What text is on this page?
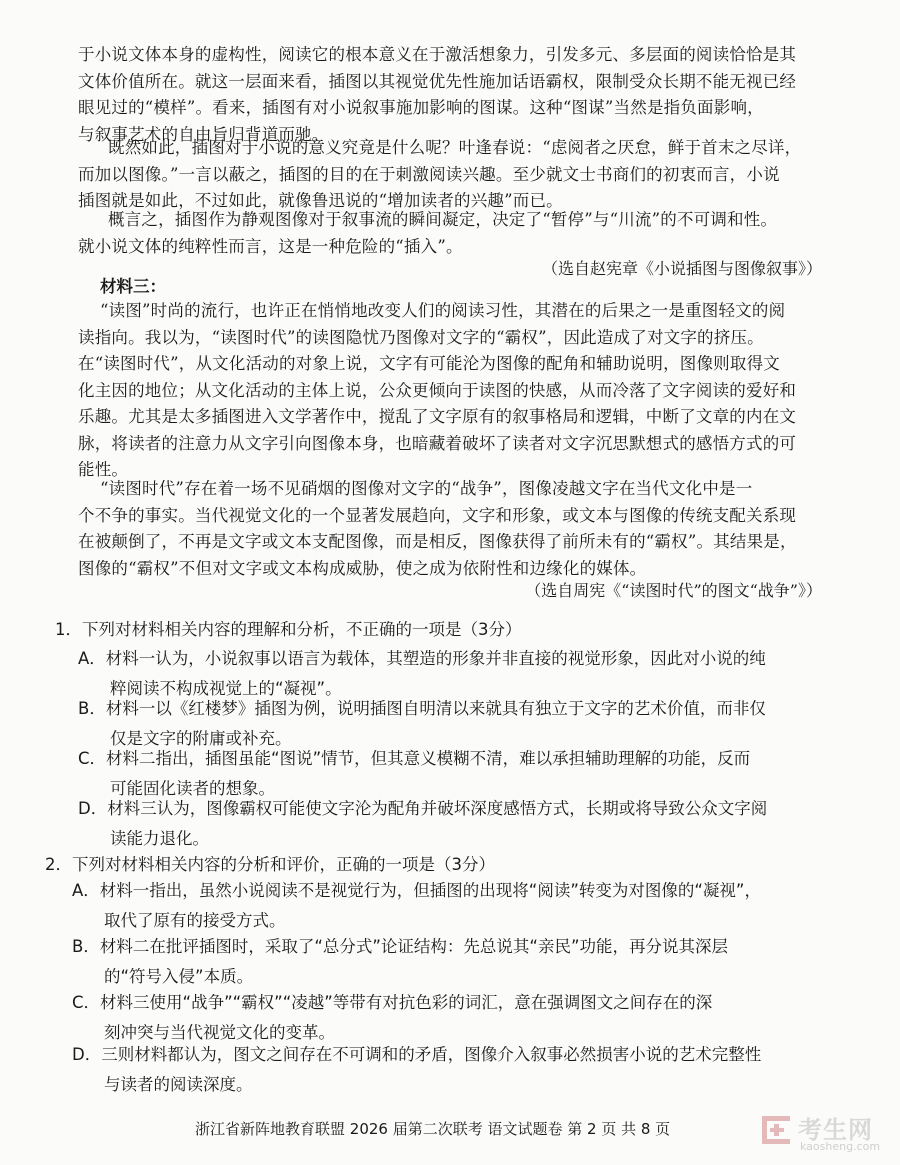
于小说文体本身的虚构性，阅读它的根本意义在于激活想象力，引发多元、多层面的阅读恰恰是其
文体价值所在。就这一层面来看，插图以其视觉优先性施加话语霸权，限制受众长期不能无视已经
眼见过的“模样”。看来，插图有对小说叙事施加影响的图谋。这种“图谋”当然是指负面影响，
与叙事艺术的自由旨归背道而驰。
既然如此，插图对于小说的意义究竟是什么呢？叶逢春说：“虑阅者之厌怠，鲜于首末之尽详，
而加以图像。”一言以蔽之，插图的目的在于刺激阅读兴趣。至少就文士书商们的初衷而言，小说
插图就是如此，不过如此，就像鲁迅说的“增加读者的兴趣”而已。
概言之，插图作为静观图像对于叙事流的瞬间凝定，决定了“暂停”与“川流”的不可调和性。
就小说文体的纯粹性而言，这是一种危险的“插入”。
（选自赵宪章《小说插图与图像叙事》）
材料三：
“读图”时尚的流行，也许正在悄悄地改变人们的阅读习性，其潜在的后果之一是重图轻文的阅
读指向。我以为，“读图时代”的读图隐忧乃图像对文字的“霸权”，因此造成了对文字的挤压。
在“读图时代”，从文化活动的对象上说，文字有可能沦为图像的配角和辅助说明，图像则取得文
化主因的地位；从文化活动的主体上说，公众更倾向于读图的快感，从而冷落了文字阅读的爱好和
乐趣。尤其是太多插图进入文学著作中，搅乱了文字原有的叙事格局和逻辑，中断了文章的内在文
脉，将读者的注意力从文字引向图像本身，也暗藏着破坏了读者对文字沉思默想式的感悟方式的可
能性。
“读图时代”存在着一场不见硝烟的图像对文字的“战争”，图像凌越文字在当代文化中是一
个不争的事实。当代视觉文化的一个显著发展趋向，文字和形象，或文本与图像的传统支配关系现
在被颠倒了，不再是文字或文本支配图像，而是相反，图像获得了前所未有的“霸权”。其结果是，
图像的“霸权”不但对文字或文本构成威胁，使之成为依附性和边缘化的媒体。
（选自周宪《“读图时代”的图文“战争”》）
1．下列对材料相关内容的理解和分析，不正确的一项是（3分）
A．材料一认为，小说叙事以语言为载体，其塑造的形象并非直接的视觉形象，因此对小说的纯
粹阅读不构成视觉上的“凝视”。
B．材料一以《红楼梦》插图为例，说明插图自明清以来就具有独立于文字的艺术价值，而非仅
仅是文字的附庸或补充。
C．材料二指出，插图虽能“图说”情节，但其意义模糊不清，难以承担辅助理解的功能，反而
可能固化读者的想象。
D．材料三认为，图像霸权可能使文字沦为配角并破坏深度感悟方式，长期或将导致公众文字阅
读能力退化。
2．下列对材料相关内容的分析和评价，正确的一项是（3分）
A．材料一指出，虽然小说阅读不是视觉行为，但插图的出现将“阅读”转变为对图像的“凝视”，
取代了原有的接受方式。
B．材料二在批评插图时，采取了“总分式”论证结构：先总说其“亲民”功能，再分说其深层
的“符号入侵”本质。
C．材料三使用“战争”“霸权”“凌越”等带有对抗色彩的词汇，意在强调图文之间存在的深
刻冲突与当代视觉文化的变革。
D．三则材料都认为，图文之间存在不可调和的矛盾，图像介入叙事必然损害小说的艺术完整性
与读者的阅读深度。
浙江省新阵地教育联盟 2026 届第二次联考 语文试题卷 第 2 页 共 8 页	考生网
kaosheng.com
